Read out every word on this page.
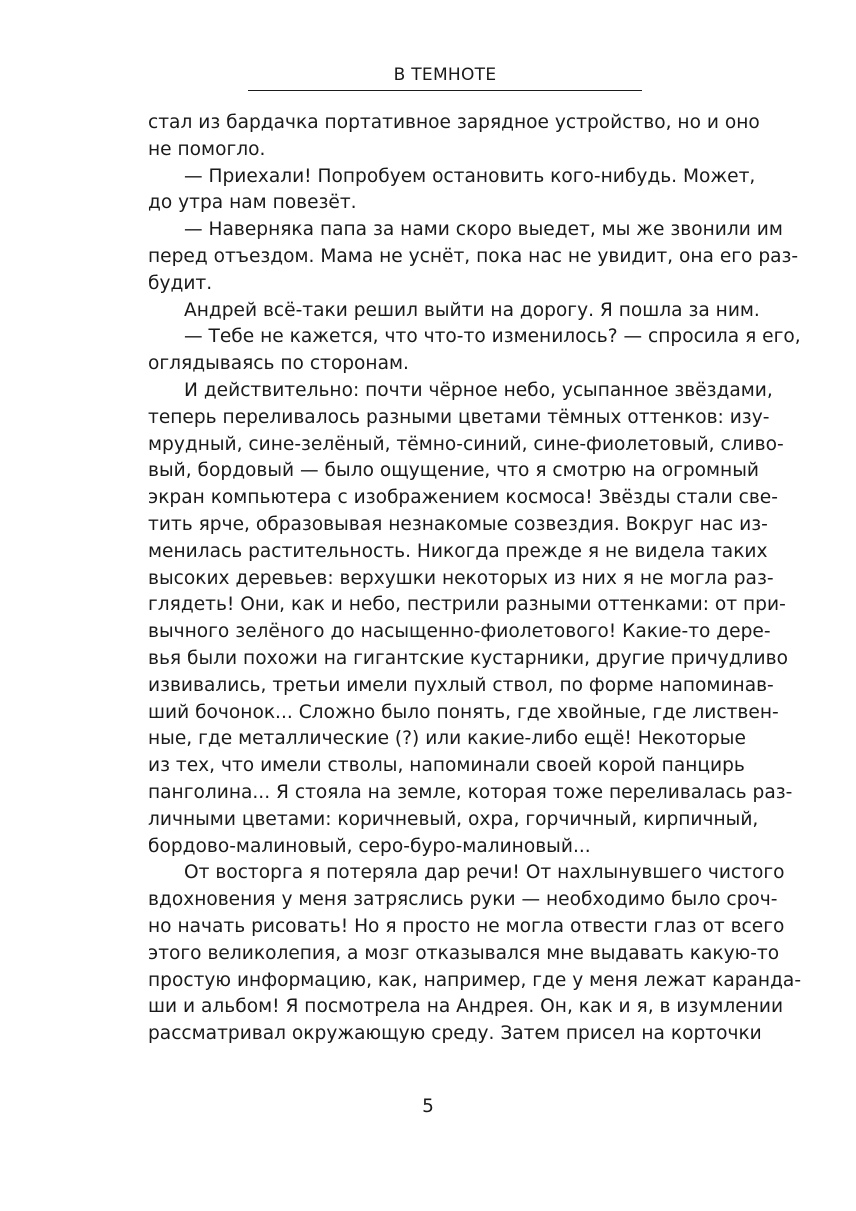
В ТЕМНОТЕ
стал из бардачка портативное зарядное устройство, но и оно
не помогло.
— Приехали! Попробуем остановить кого-нибудь. Может,
до утра нам повезёт.
— Наверняка папа за нами скоро выедет, мы же звонили им
перед отъездом. Мама не уснёт, пока нас не увидит, она его раз-
будит.
Андрей всё-таки решил выйти на дорогу. Я пошла за ним.
— Тебе не кажется, что что-то изменилось? — спросила я его,
оглядываясь по сторонам.
И действительно: почти чёрное небо, усыпанное звёздами,
теперь переливалось разными цветами тёмных оттенков: изу-
мрудный, сине-зелёный, тёмно-синий, сине-фиолетовый, сливо-
вый, бордовый — было ощущение, что я смотрю на огромный
экран компьютера с изображением космоса! Звёзды стали све-
тить ярче, образовывая незнакомые созвездия. Вокруг нас из-
менилась растительность. Никогда прежде я не видела таких
высоких деревьев: верхушки некоторых из них я не могла раз-
глядеть! Они, как и небо, пестрили разными оттенками: от при-
вычного зелёного до насыщенно-фиолетового! Какие-то дере-
вья были похожи на гигантские кустарники, другие причудливо
извивались, третьи имели пухлый ствол, по форме напоминав-
ший бочонок... Сложно было понять, где хвойные, где листвен-
ные, где металлические (?) или какие-либо ещё! Некоторые
из тех, что имели стволы, напоминали своей корой панцирь
панголина... Я стояла на земле, которая тоже переливалась раз-
личными цветами: коричневый, охра, горчичный, кирпичный,
бордово-малиновый, серо-буро-малиновый...
От восторга я потеряла дар речи! От нахлынувшего чистого
вдохновения у меня затряслись руки — необходимо было сроч-
но начать рисовать! Но я просто не могла отвести глаз от всего
этого великолепия, а мозг отказывался мне выдавать какую-то
простую информацию, как, например, где у меня лежат каранда-
ши и альбом! Я посмотрела на Андрея. Он, как и я, в изумлении
рассматривал окружающую среду. Затем присел на корточки
5
